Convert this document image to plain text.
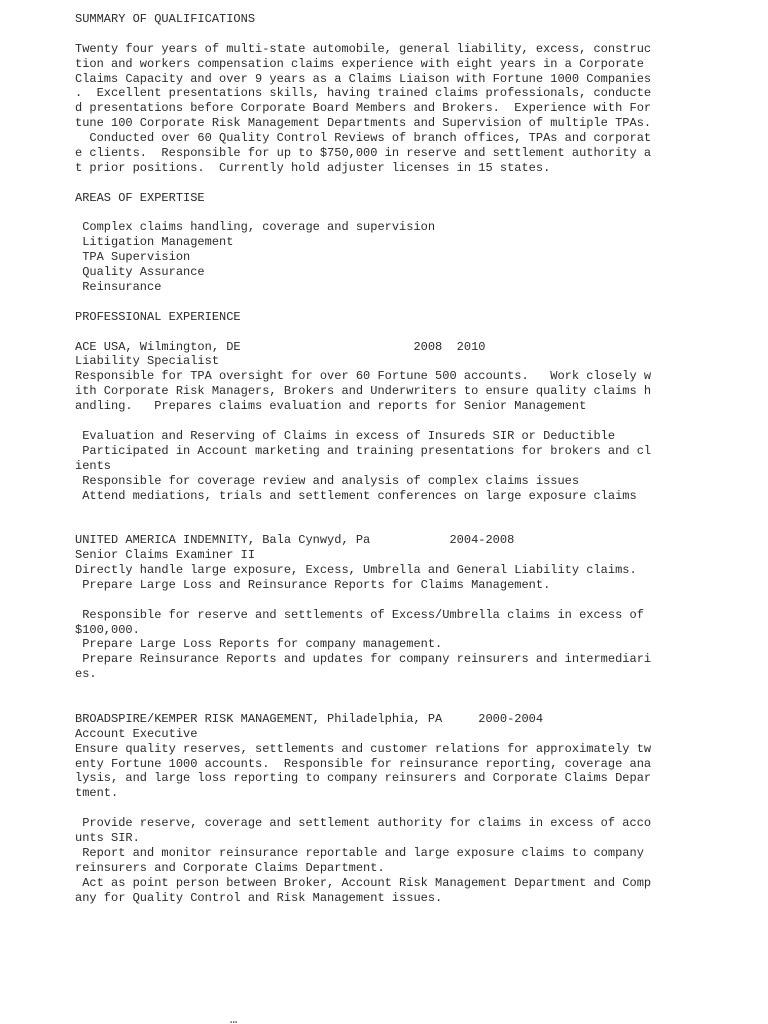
SUMMARY OF QUALIFICATIONS
Twenty four years of multi-state automobile, general liability, excess, construc
tion and workers compensation claims experience with eight years in a Corporate
Claims Capacity and over 9 years as a Claims Liaison with Fortune 1000 Companies
.  Excellent presentations skills, having trained claims professionals, conducte
d presentations before Corporate Board Members and Brokers.  Experience with For
tune 100 Corporate Risk Management Departments and Supervision of multiple TPAs.
Conducted over 60 Quality Control Reviews of branch offices, TPAs and corporat
e clients.  Responsible for up to $750,000 in reserve and settlement authority a
t prior positions.  Currently hold adjuster licenses in 15 states.
AREAS OF EXPERTISE
Complex claims handling, coverage and supervision
Litigation Management
TPA Supervision
Quality Assurance
Reinsurance
PROFESSIONAL EXPERIENCE
ACE USA, Wilmington, DE                        2008  2010
Liability Specialist
Responsible for TPA oversight for over 60 Fortune 500 accounts.   Work closely w
ith Corporate Risk Managers, Brokers and Underwriters to ensure quality claims h
andling.   Prepares claims evaluation and reports for Senior Management
Evaluation and Reserving of Claims in excess of Insureds SIR or Deductible
Participated in Account marketing and training presentations for brokers and cl
ients
Responsible for coverage review and analysis of complex claims issues
Attend mediations, trials and settlement conferences on large exposure claims
UNITED AMERICA INDEMNITY, Bala Cynwyd, Pa           2004-2008
Senior Claims Examiner II
Directly handle large exposure, Excess, Umbrella and General Liability claims.
Prepare Large Loss and Reinsurance Reports for Claims Management.
Responsible for reserve and settlements of Excess/Umbrella claims in excess of
$100,000.
Prepare Large Loss Reports for company management.
Prepare Reinsurance Reports and updates for company reinsurers and intermediari
es.
BROADSPIRE/KEMPER RISK MANAGEMENT, Philadelphia, PA     2000-2004
Account Executive
Ensure quality reserves, settlements and customer relations for approximately tw
enty Fortune 1000 accounts.  Responsible for reinsurance reporting, coverage ana
lysis, and large loss reporting to company reinsurers and Corporate Claims Depar
tment.
Provide reserve, coverage and settlement authority for claims in excess of acco
unts SIR.
Report and monitor reinsurance reportable and large exposure claims to company
reinsurers and Corporate Claims Department.
Act as point person between Broker, Account Risk Management Department and Comp
any for Quality Control and Risk Management issues.
⋯
